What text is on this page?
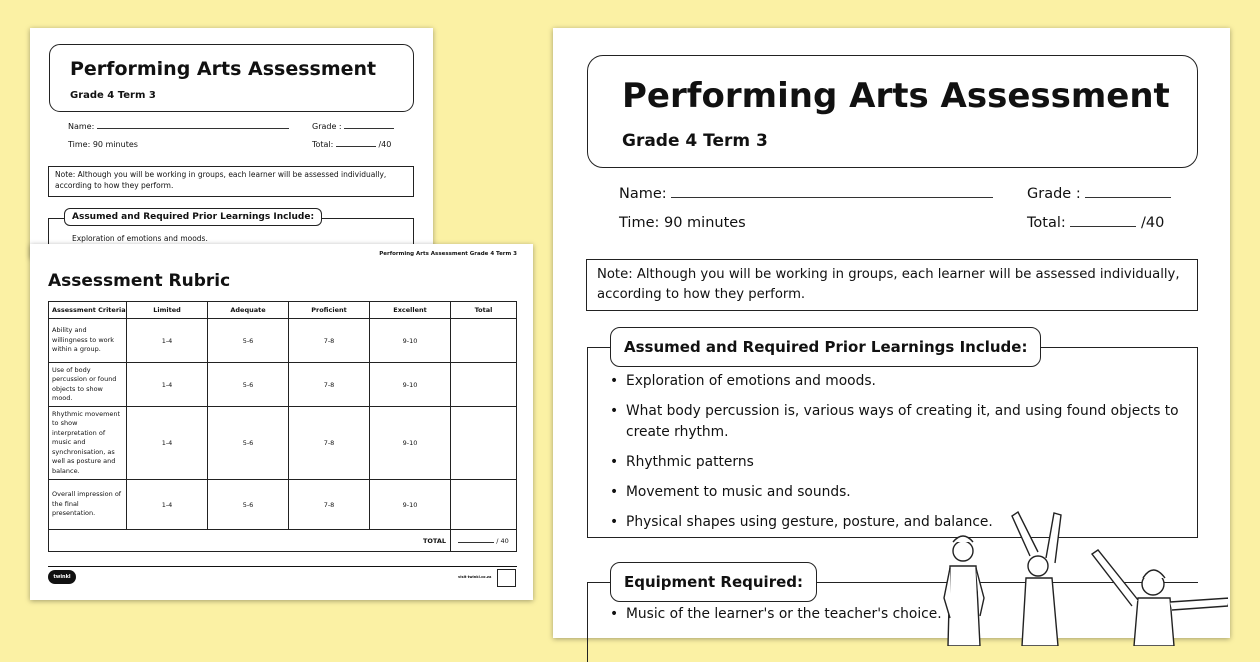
Performing Arts Assessment
Grade 4 Term 3
Name:	Grade :
Time: 90 minutes	Total:	/40
Note: Although you will be working in groups, each learner will be assessed individually, according to how they perform.
Assumed and Required Prior Learnings Include:
Exploration of emotions and moods.
Performing Arts Assessment Grade 4 Term 3
Assessment Rubric
Assessment Criteria	Limited	Adequate	Proficient	Excellent	Total
Ability and willingness to work within a group.	1-4	5-6	7-8	9-10	
Use of body percussion or found objects to show mood.	1-4	5-6	7-8	9-10	
Rhythmic movement to show interpretation of music and synchronisation, as well as posture and balance.	1-4	5-6	7-8	9-10	
Overall impression of the final presentation.	1-4	5-6	7-8	9-10	
TOTAL					/ 40
twinkl	visit twinkl.co.za
Performing Arts Assessment
Grade 4 Term 3
Name:	Grade :
Time: 90 minutes	Total:	/40
Note: Although you will be working in groups, each learner will be assessed individually, according to how they perform.
Assumed and Required Prior Learnings Include:
• Exploration of emotions and moods.
• What body percussion is, various ways of creating it, and using found objects to create rhythm.
• Rhythmic patterns
• Movement to music and sounds.
• Physical shapes using gesture, posture, and balance.
Equipment Required:
• Music of the learner's or the teacher's choice.
